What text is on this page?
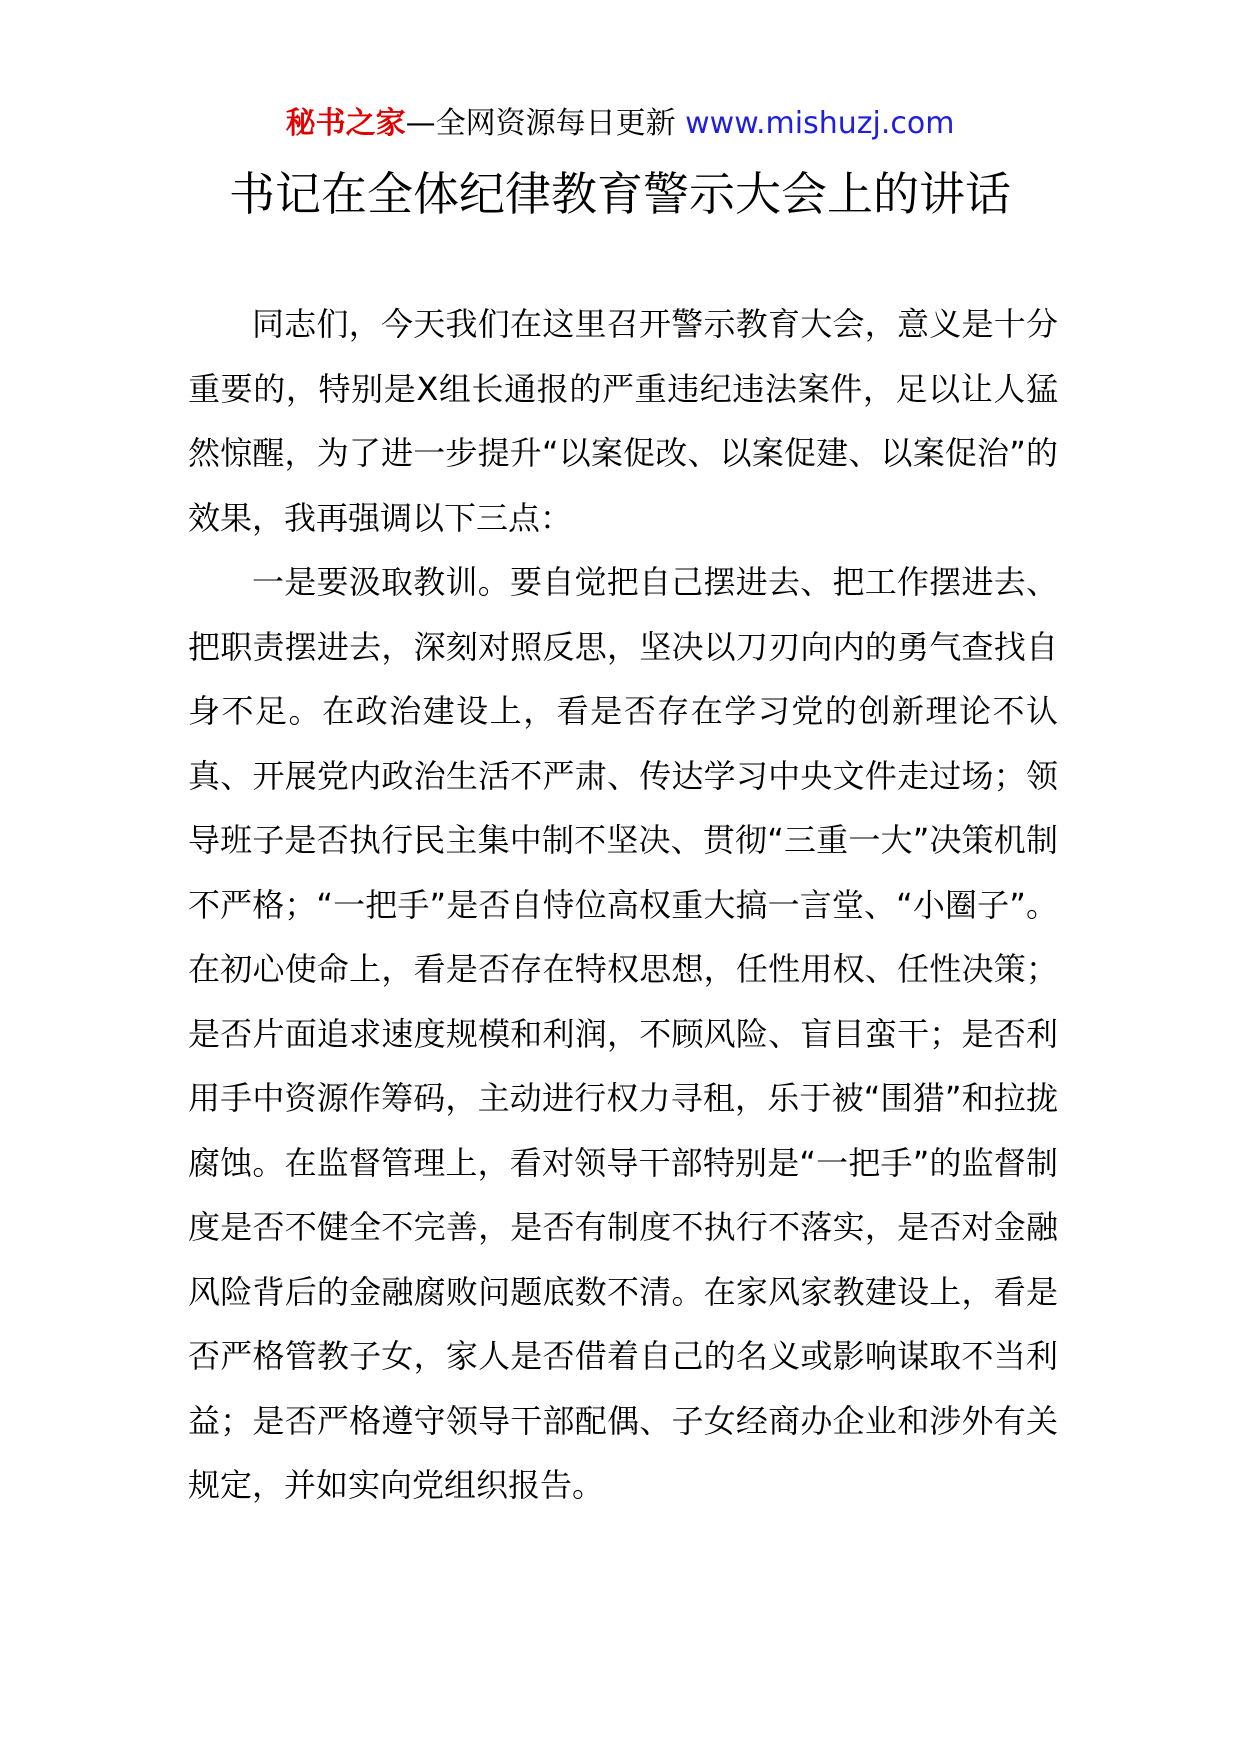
秘书之家—全网资源每日更新 www.mishuzj.com
书记在全体纪律教育警示大会上的讲话

同志们，今天我们在这里召开警示教育大会，意义是十分重要的，特别是X组长通报的严重违纪违法案件，足以让人猛然惊醒，为了进一步提升“以案促改、以案促建、以案促治”的效果，我再强调以下三点：

一是要汲取教训。要自觉把自己摆进去、把工作摆进去、把职责摆进去，深刻对照反思，坚决以刀刃向内的勇气查找自身不足。在政治建设上，看是否存在学习党的创新理论不认真、开展党内政治生活不严肃、传达学习中央文件走过场；领导班子是否执行民主集中制不坚决、贯彻“三重一大”决策机制不严格；“一把手”是否自恃位高权重大搞一言堂、“小圈子”。在初心使命上，看是否存在特权思想，任性用权、任性决策；是否片面追求速度规模和利润，不顾风险、盲目蛮干；是否利用手中资源作筹码，主动进行权力寻租，乐于被“围猎”和拉拢腐蚀。在监督管理上，看对领导干部特别是“一把手”的监督制度是否不健全不完善，是否有制度不执行不落实，是否对金融风险背后的金融腐败问题底数不清。在家风家教建设上，看是否严格管教子女，家人是否借着自己的名义或影响谋取不当利益；是否严格遵守领导干部配偶、子女经商办企业和涉外有关规定，并如实向党组织报告。
